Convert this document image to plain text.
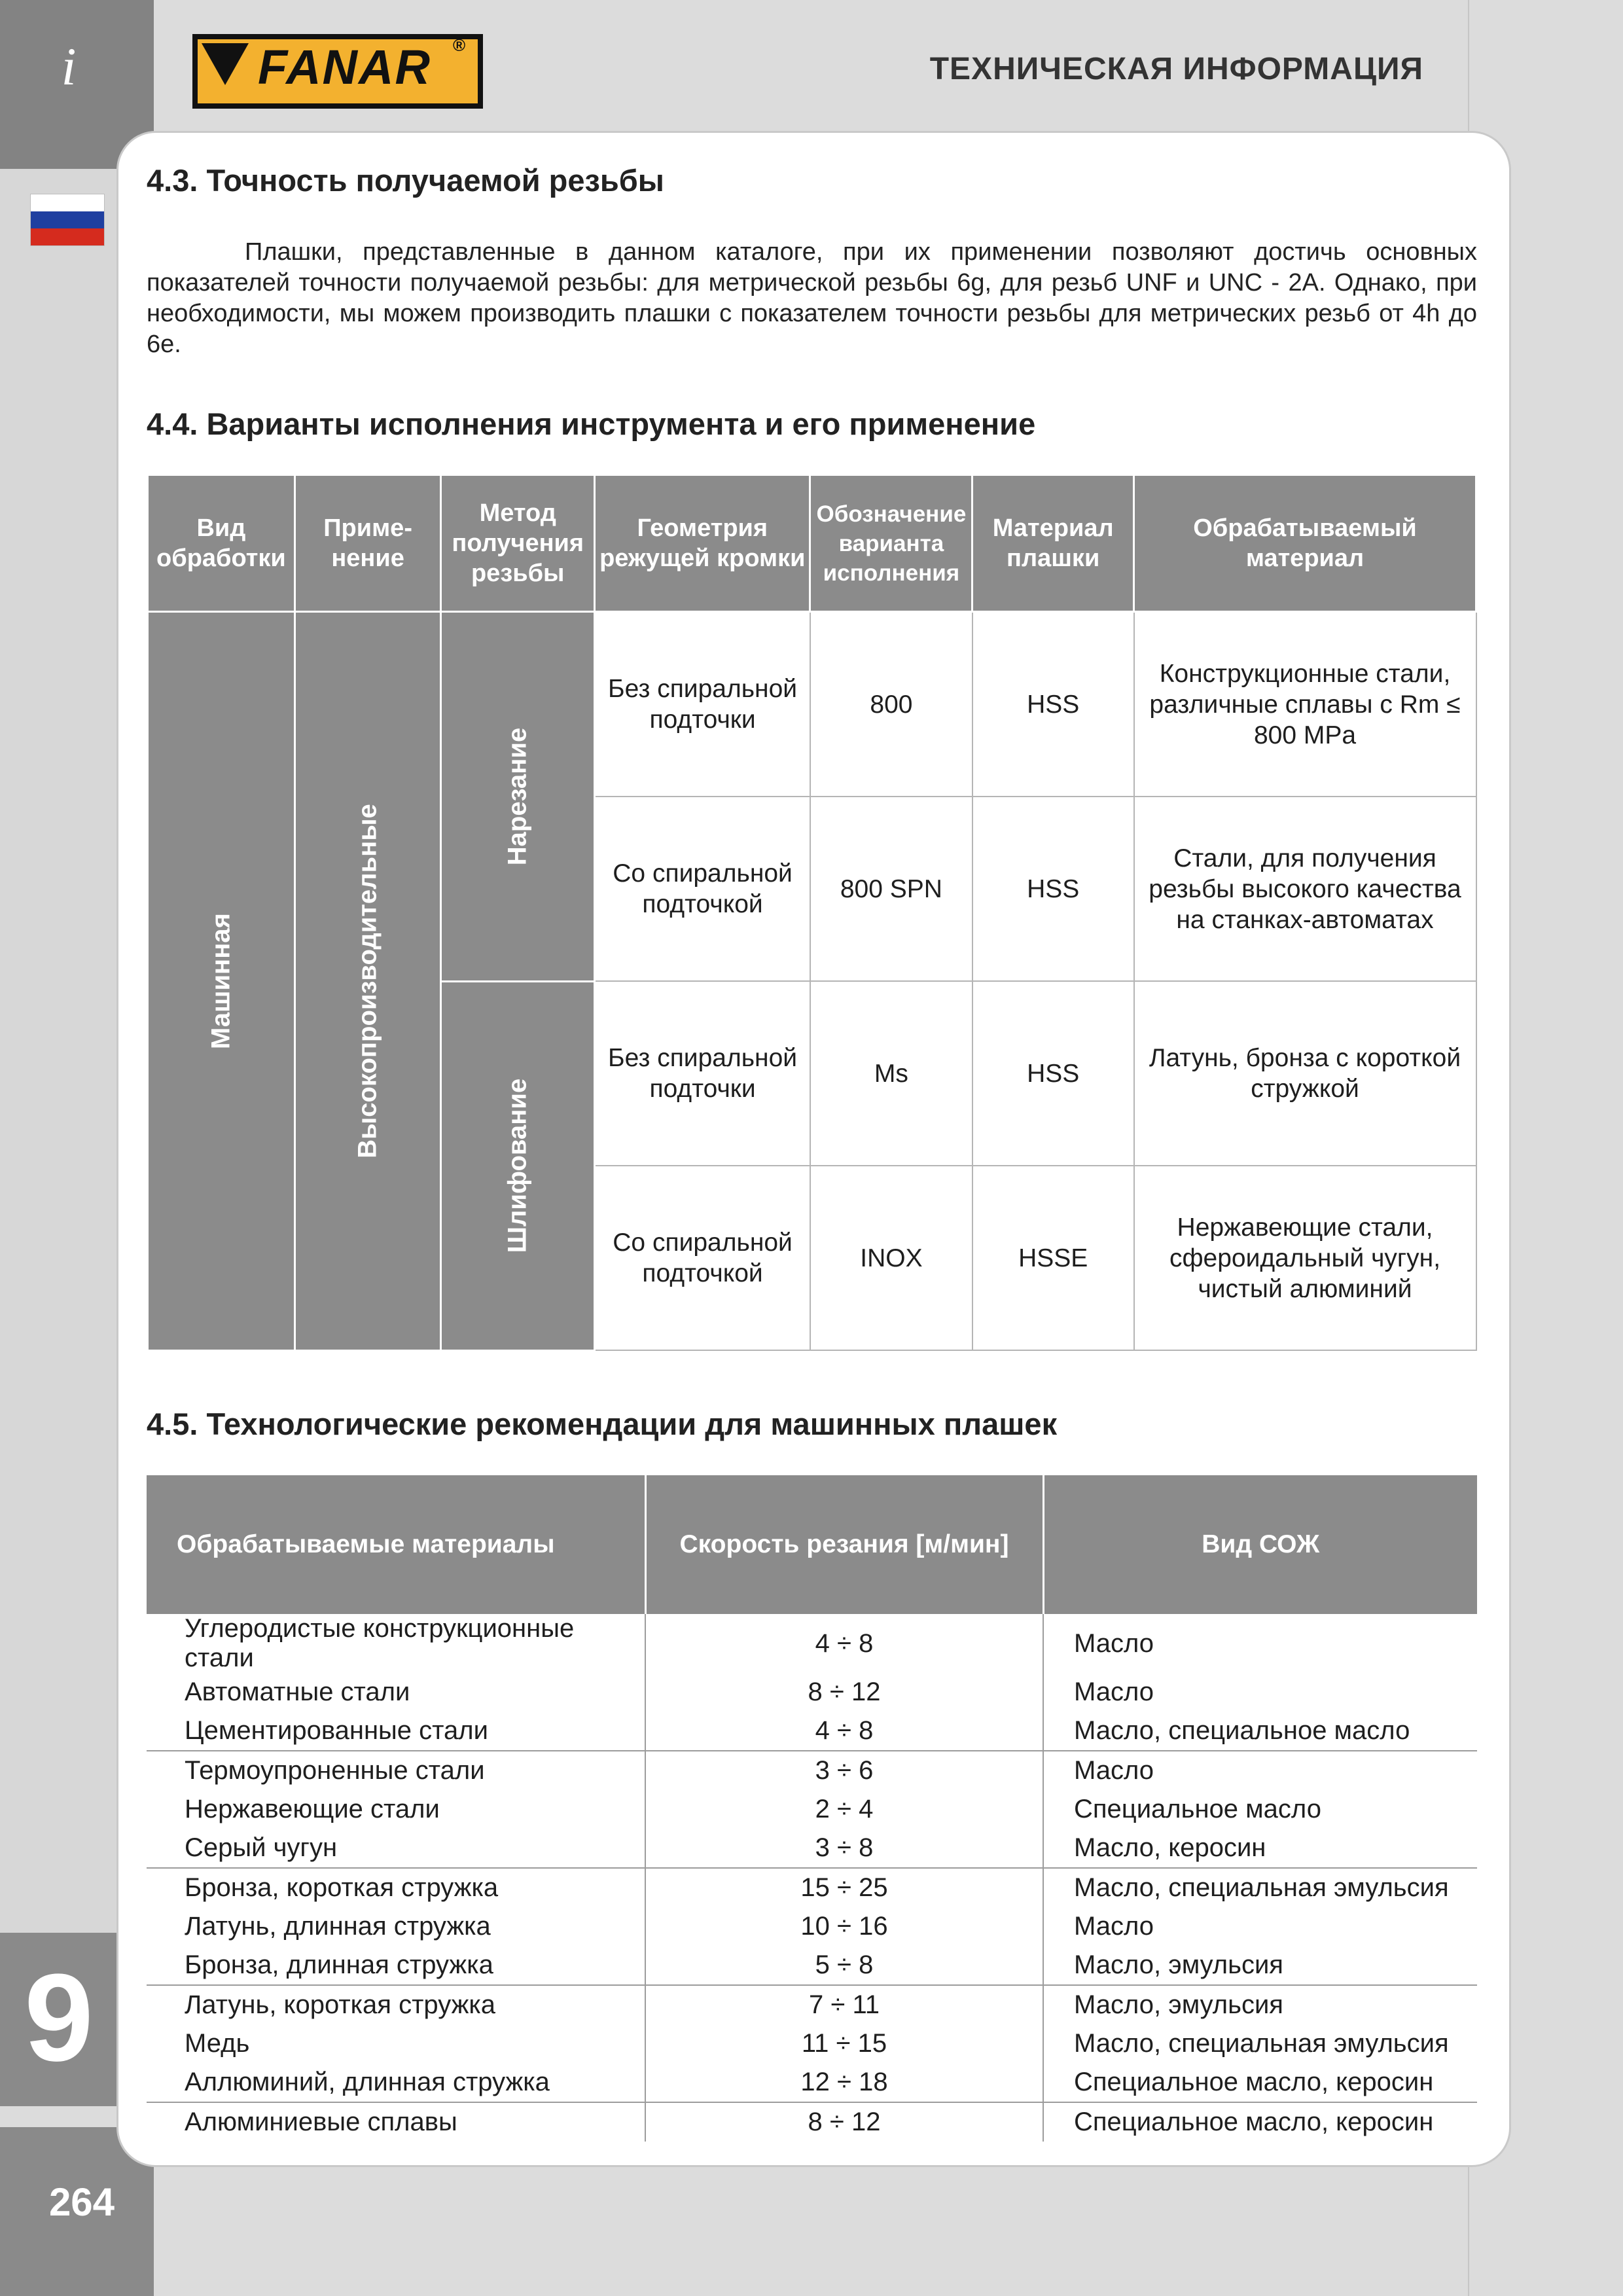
i
9
264
FANAR ®
ТЕХНИЧЕСКАЯ ИНФОРМАЦИЯ
4.3. Точность получаемой резьбы
Плашки, представленные в данном каталоге, при их применении позволяют достичь основных показателей точности получаемой резьбы: для метрической резьбы 6g, для резьб UNF и UNC - 2A. Однако, при необходимости, мы можем производить плашки с показателем точности резьбы для метрических резьб от 4h до 6e.
4.4. Варианты исполнения инструмента и его применение
Вид обработки	Приме-нение	Метод получения резьбы	Геометрия режущей кромки	Обозначение варианта исполнения	Материал плашки	Обрабатываемый материал

Машинная	Высокопроизводительные	Нарезание	Без спиральной подточки	800	HSS	Конструкционные стали, различные сплавы с Rm ≤ 800 MPa
			Со спиральной подточкой	800 SPN	HSS	Стали, для получения резьбы высокого качества на станках-автоматах

		Шлифование	Без спиральной подточки	Ms	HSS	Латунь, бронза с короткой стружкой
			Со спиральной подточкой	INOX	HSSE	Нержавеющие стали, сфероидальный чугун, чистый алюминий
4.5. Технологические рекомендации для машинных плашек
Обрабатываемые материалы	Скорость резания [м/мин]	Вид СОЖ
Углеродистые конструкционные стали	4 ÷ 8	Масло
Автоматные стали	8 ÷ 12	Масло
Цементированные стали	4 ÷ 8	Масло, специальное масло
Термоупроненные стали	3 ÷ 6	Масло
Нержавеющие стали	2 ÷ 4	Специальное масло
Серый чугун	3 ÷ 8	Масло, керосин
Бронза, короткая стружка	15 ÷ 25	Масло, специальная эмульсия
Латунь, длинная стружка	10 ÷ 16	Масло
Бронза, длинная стружка	5 ÷ 8	Масло, эмульсия
Латунь, короткая стружка	7 ÷ 11	Масло, эмульсия
Медь	11 ÷ 15	Масло, специальная эмульсия
Аллюминий, длинная стружка	12 ÷ 18	Специальное масло, керосин
Алюминиевые сплавы	8 ÷ 12	Специальное масло, керосин
